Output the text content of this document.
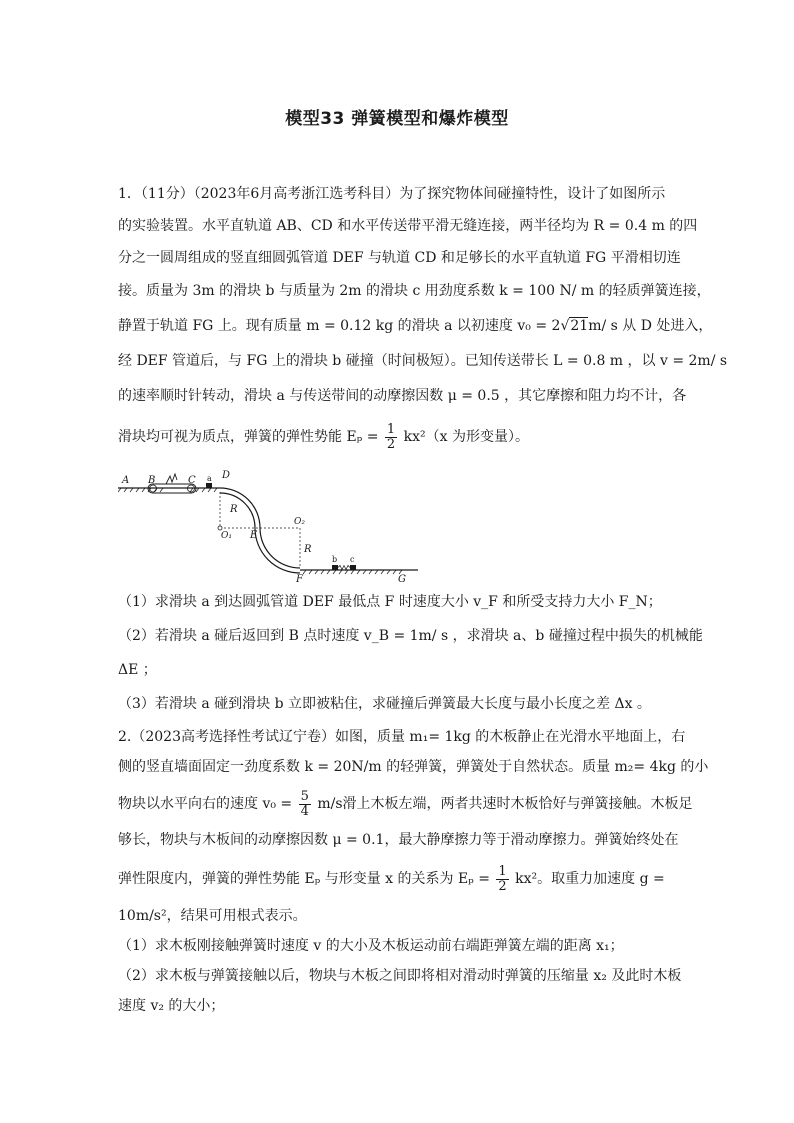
模型33 弹簧模型和爆炸模型
1．（11分）（2023年6月高考浙江选考科目）为了探究物体间碰撞特性，设计了如图所示
的实验装置。水平直轨道 AB、CD 和水平传送带平滑无缝连接，两半径均为 R = 0.4 m 的四
分之一圆周组成的竖直细圆弧管道 DEF 与轨道 CD 和足够长的水平直轨道 FG 平滑相切连
接。质量为 3m 的滑块 b 与质量为 2m 的滑块 c 用劲度系数 k = 100 N/ m 的轻质弹簧连接，
静置于轨道 FG 上。现有质量 m = 0.12 kg 的滑块 a 以初速度 v₀ = 2√21m/ s 从 D 处进入，
经 DEF 管道后，与 FG 上的滑块 b 碰撞（时间极短）。已知传送带长 L = 0.8 m ，以 v = 2m/ s
的速率顺时针转动，滑块 a 与传送带间的动摩擦因数 μ = 0.5 ，其它摩擦和阻力均不计，各
滑块均可视为质点，弹簧的弹性势能 $E_p = \frac{1}{2} kx^2(x$ 为形变量）。
A B	C a D
R
O₁ E
O₂
R
F
b c
G
（1）求滑块 a 到达圆弧管道 DEF 最低点 F 时速度大小 v_F 和所受支持力大小 F_N；
（2）若滑块 a 碰后返回到 B 点时速度 v_B = 1m/ s ，求滑块 a、b 碰撞过程中损失的机械能
ΔE ；
（3）若滑块 a 碰到滑块 b 立即被粘住，求碰撞后弹簧最大长度与最小长度之差 Δx 。
2.（2023高考选择性考试辽宁卷）如图，质量 m₁= 1kg 的木板静止在光滑水平地面上，右
侧的竖直墙面固定一劲度系数 k = 20N/m 的轻弹簧，弹簧处于自然状态。质量 m₂= 4kg 的小
物块以水平向右的速度 $v_0 = \frac{5}{4} m/s$滑上木板左端，两者共速时木板恰好与弹簧接触。木板足
够长，物块与木板间的动摩擦因数 μ = 0.1，最大静摩擦力等于滑动摩擦力。弹簧始终处在
弹性限度内，弹簧的弹性势能 Eₚ 与形变量 x 的关系为 $E_p = \frac{1}{2} kx^2$。取重力加速度 g =
10m/s²，结果可用根式表示。
（1）求木板刚接触弹簧时速度 v 的大小及木板运动前右端距弹簧左端的距离 x₁；
（2）求木板与弹簧接触以后，物块与木板之间即将相对滑动时弹簧的压缩量 x₂ 及此时木板
速度 v₂ 的大小；
